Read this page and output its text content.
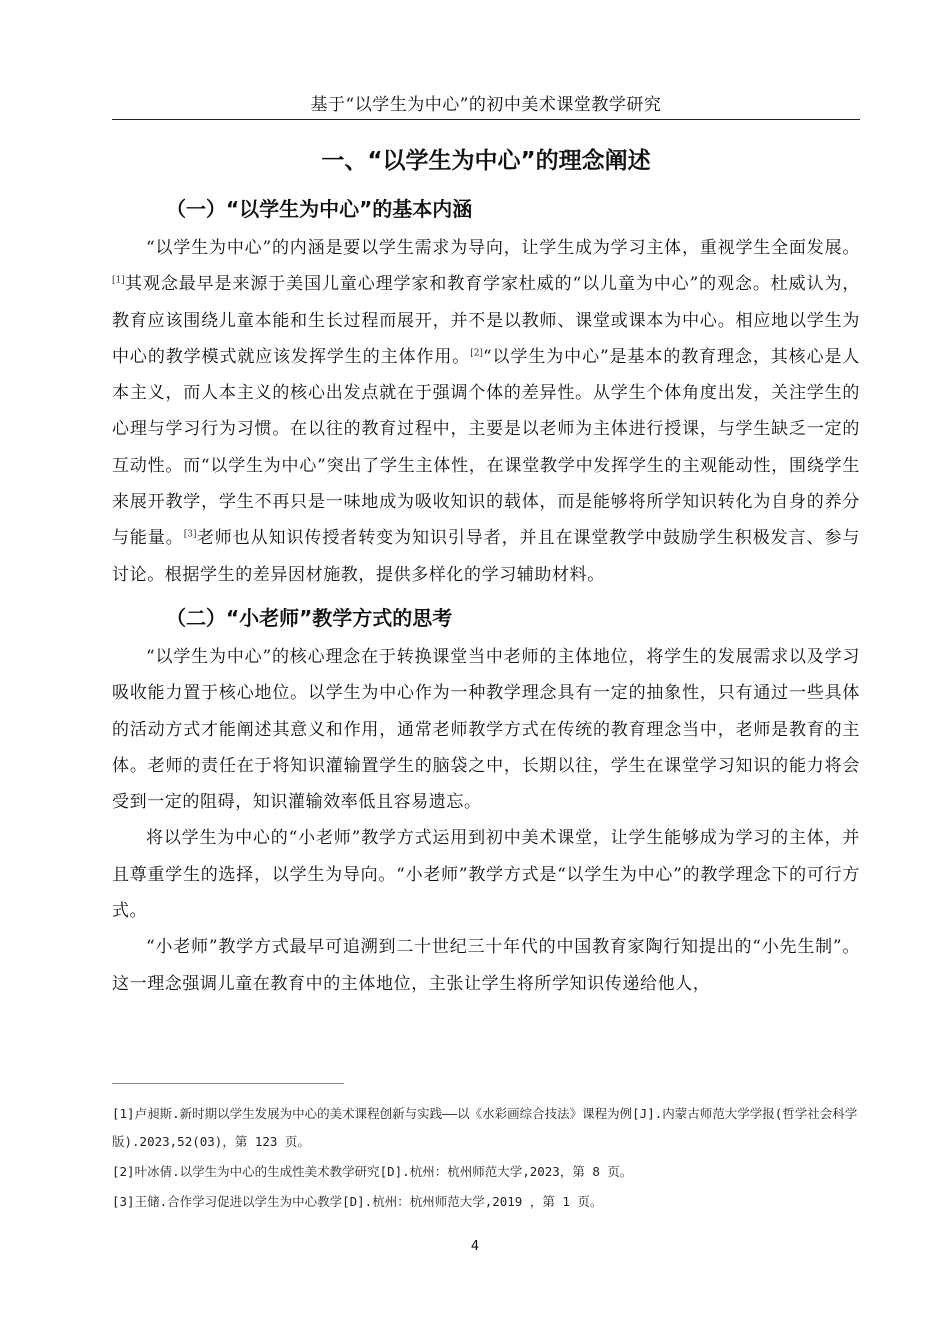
基于“以学生为中心”的初中美术课堂教学研究
一、“以学生为中心”的理念阐述
（一）“以学生为中心”的基本内涵

“以学生为中心”的内涵是要以学生需求为导向，让学生成为学习主体，重视学生全面发展。[1]其观念最早是来源于美国儿童心理学家和教育学家杜威的“以儿童为中心”的观念。杜威认为，教育应该围绕儿童本能和生长过程而展开，并不是以教师、课堂或课本为中心。相应地以学生为中心的教学模式就应该发挥学生的主体作用。[2]“以学生为中心”是基本的教育理念，其核心是人本主义，而人本主义的核心出发点就在于强调个体的差异性。从学生个体角度出发，关注学生的心理与学习行为习惯。在以往的教育过程中，主要是以老师为主体进行授课，与学生缺乏一定的互动性。而“以学生为中心”突出了学生主体性，在课堂教学中发挥学生的主观能动性，围绕学生来展开教学，学生不再只是一味地成为吸收知识的载体，而是能够将所学知识转化为自身的养分与能量。[3]老师也从知识传授者转变为知识引导者，并且在课堂教学中鼓励学生积极发言、参与讨论。根据学生的差异因材施教，提供多样化的学习辅助材料。

（二）“小老师”教学方式的思考

“以学生为中心”的核心理念在于转换课堂当中老师的主体地位，将学生的发展需求以及学习吸收能力置于核心地位。以学生为中心作为一种教学理念具有一定的抽象性，只有通过一些具体的活动方式才能阐述其意义和作用，通常老师教学方式在传统的教育理念当中，老师是教育的主体。老师的责任在于将知识灌输置学生的脑袋之中，长期以往，学生在课堂学习知识的能力将会受到一定的阻碍，知识灌输效率低且容易遗忘。

将以学生为中心的“小老师”教学方式运用到初中美术课堂，让学生能够成为学习的主体，并且尊重学生的选择，以学生为导向。“小老师”教学方式是“以学生为中心”的教学理念下的可行方式。

“小老师”教学方式最早可追溯到二十世纪三十年代的中国教育家陶行知提出的“小先生制”。这一理念强调儿童在教育中的主体地位，主张让学生将所学知识传递给他人，

[1]卢昶斯.新时期以学生发展为中心的美术课程创新与实践——以《水彩画综合技法》课程为例[J].内蒙古师范大学学报(哲学社会科学版).2023,52(03)，第 123 页。

[2]叶冰倩.以学生为中心的生成性美术教学研究[D].杭州：杭州师范大学,2023，第 8 页。

[3]王储.合作学习促进以学生为中心教学[D].杭州：杭州师范大学,2019 ，第 1 页。

4
